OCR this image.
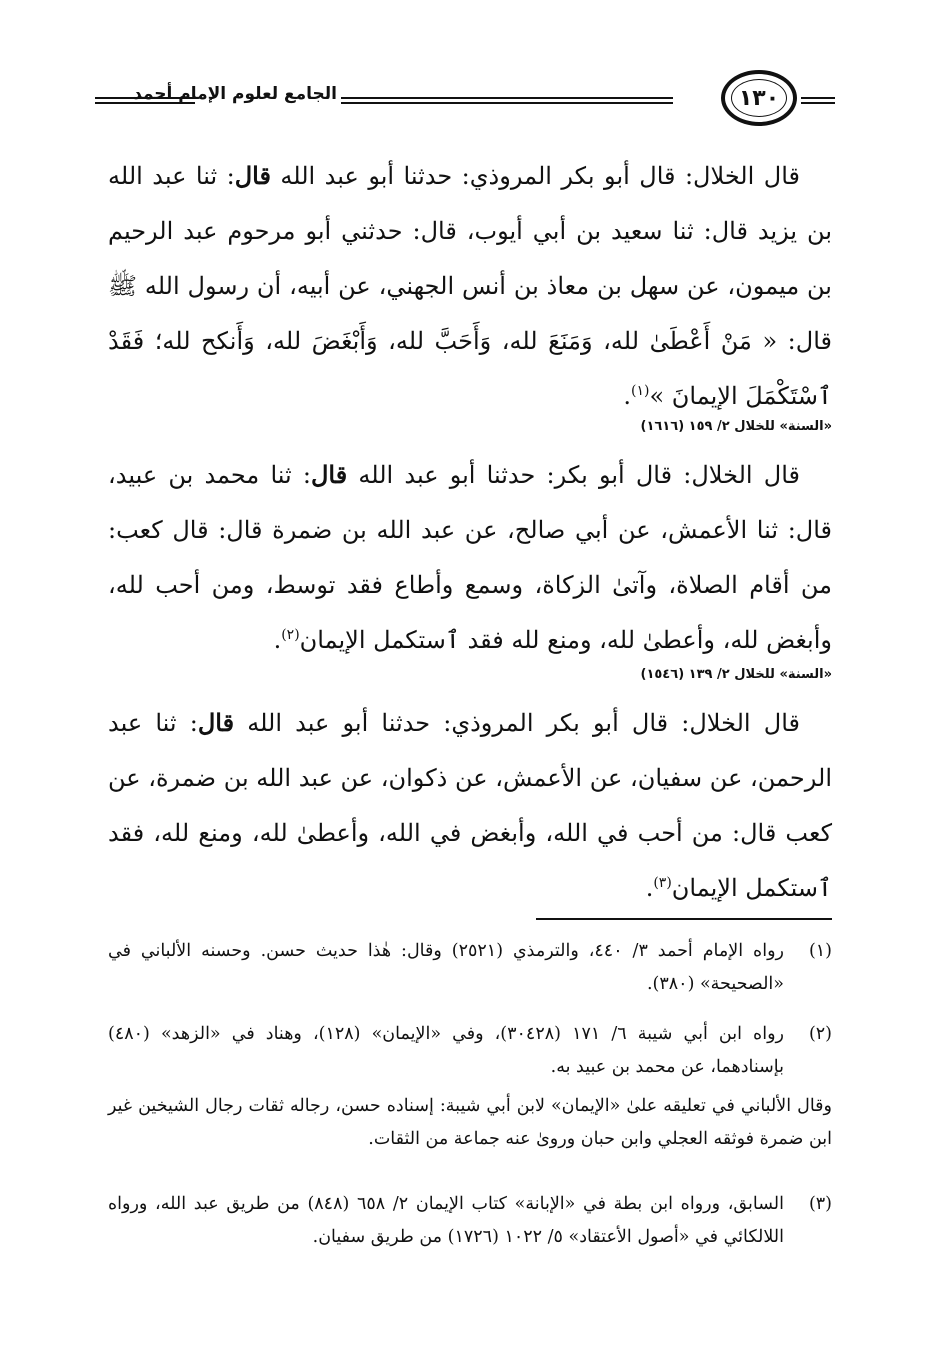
الجامع لعلوم الإمام أحمد	١٣٠
قال الخلال: قال أبو بكر المروذي: حدثنا أبو عبد الله قال: ثنا عبد الله بن يزيد قال: ثنا سعيد بن أبي أيوب، قال: حدثني أبو مرحوم عبد الرحيم بن ميمون، عن سهل بن معاذ بن أنس الجهني، عن أبيه، أن رسول الله ﷺ قال: « مَنْ أَعْطَىٰ لله، وَمَنَعَ لله، وَأَحَبَّ لله، وَأَبْغَضَ لله، وَأَنكح لله؛ فَقَدْ ٱسْتَكْمَلَ الإيمانَ »$^{(١)}$.
«السنة» للخلال ٢/ ١٥٩ (١٦١٦)
قال الخلال: قال أبو بكر: حدثنا أبو عبد الله قال: ثنا محمد بن عبيد، قال: ثنا الأعمش، عن أبي صالح، عن عبد الله بن ضمرة قال: قال كعب: من أقام الصلاة، وآتىٰ الزكاة، وسمع وأطاع فقد توسط، ومن أحب لله، وأبغض لله، وأعطىٰ لله، ومنع لله فقد ٱستكمل الإيمان$^{(٢)}$.
«السنة» للخلال ٢/ ١٣٩ (١٥٤٦)
قال الخلال: قال أبو بكر المروذي: حدثنا أبو عبد الله قال: ثنا عبد الرحمن، عن سفيان، عن الأعمش، عن ذكوان، عن عبد الله بن ضمرة، عن كعب قال: من أحب في الله، وأبغض في الله، وأعطىٰ لله، ومنع لله، فقد ٱستكمل الإيمان$^{(٣)}$.
(١)
رواه الإمام أحمد ٣/ ٤٤٠، والترمذي (٢٥٢١) وقال: هٰذا حديث حسن. وحسنه الألباني في «الصحيحة» (٣٨٠).
(٢)
رواه ابن أبي شيبة ٦/ ١٧١ (٣٠٤٢٨)، وفي «الإيمان» (١٢٨)، وهناد في «الزهد» (٤٨٠) بإسنادهما، عن محمد بن عبيد به.
وقال الألباني في تعليقه علىٰ «الإيمان» لابن أبي شيبة: إسناده حسن، رجاله ثقات رجال الشيخين غير ابن ضمرة فوثقه العجلي وابن حبان وروىٰ عنه جماعة من الثقات.
(٣)
السابق، ورواه ابن بطة في «الإبانة» كتاب الإيمان ٢/ ٦٥٨ (٨٤٨) من طريق عبد الله، ورواه اللالكائي في «أصول الأعتقاد» ٥/ ١٠٢٢ (١٧٢٦) من طريق سفيان.
